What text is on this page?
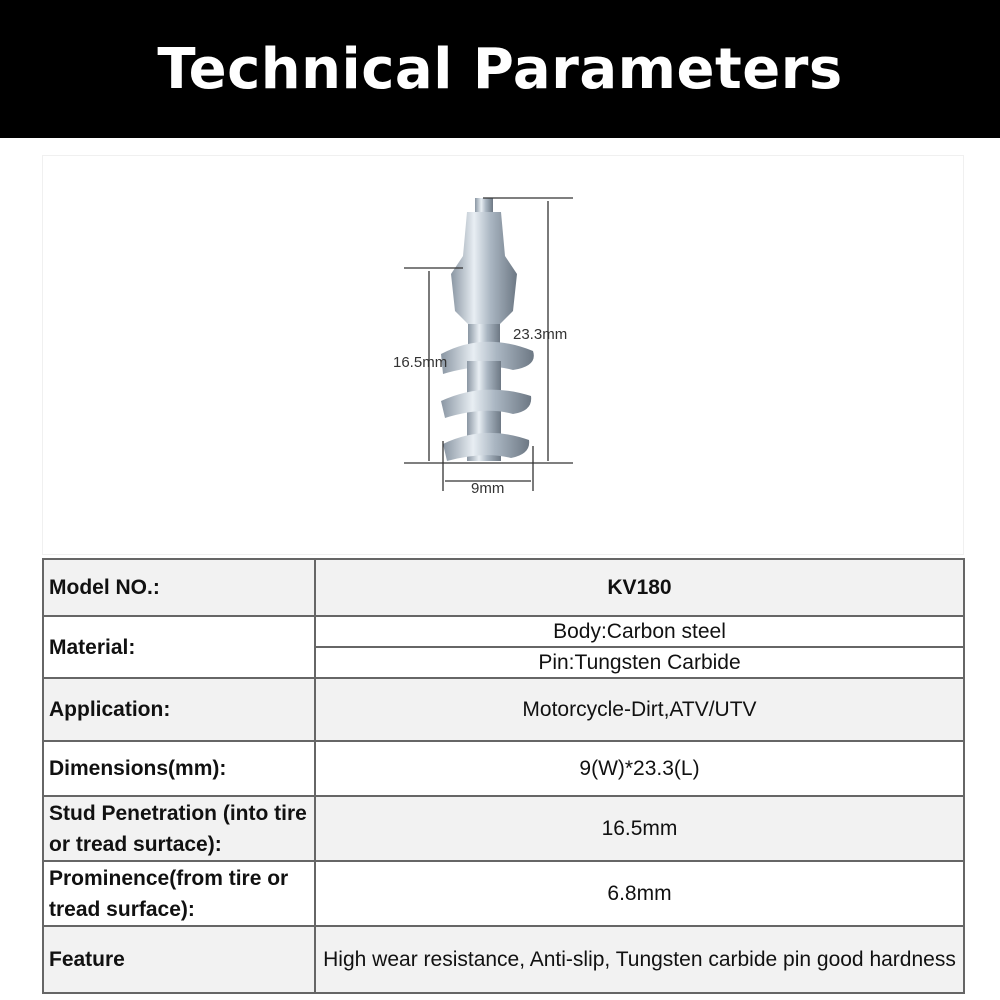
Technical Parameters
23.3mm
16.5mm
9mm
Model NO.:	KV180
Material:	Body:Carbon steel
	Pin:Tungsten Carbide
Application:	Motorcycle-Dirt,ATV/UTV
Dimensions(mm):	9(W)*23.3(L)
Stud Penetration (into tire or tread surtace):	16.5mm
Prominence(from tire or tread surface):	6.8mm
Feature	High wear resistance, Anti-slip, Tungsten carbide pin good hardness
